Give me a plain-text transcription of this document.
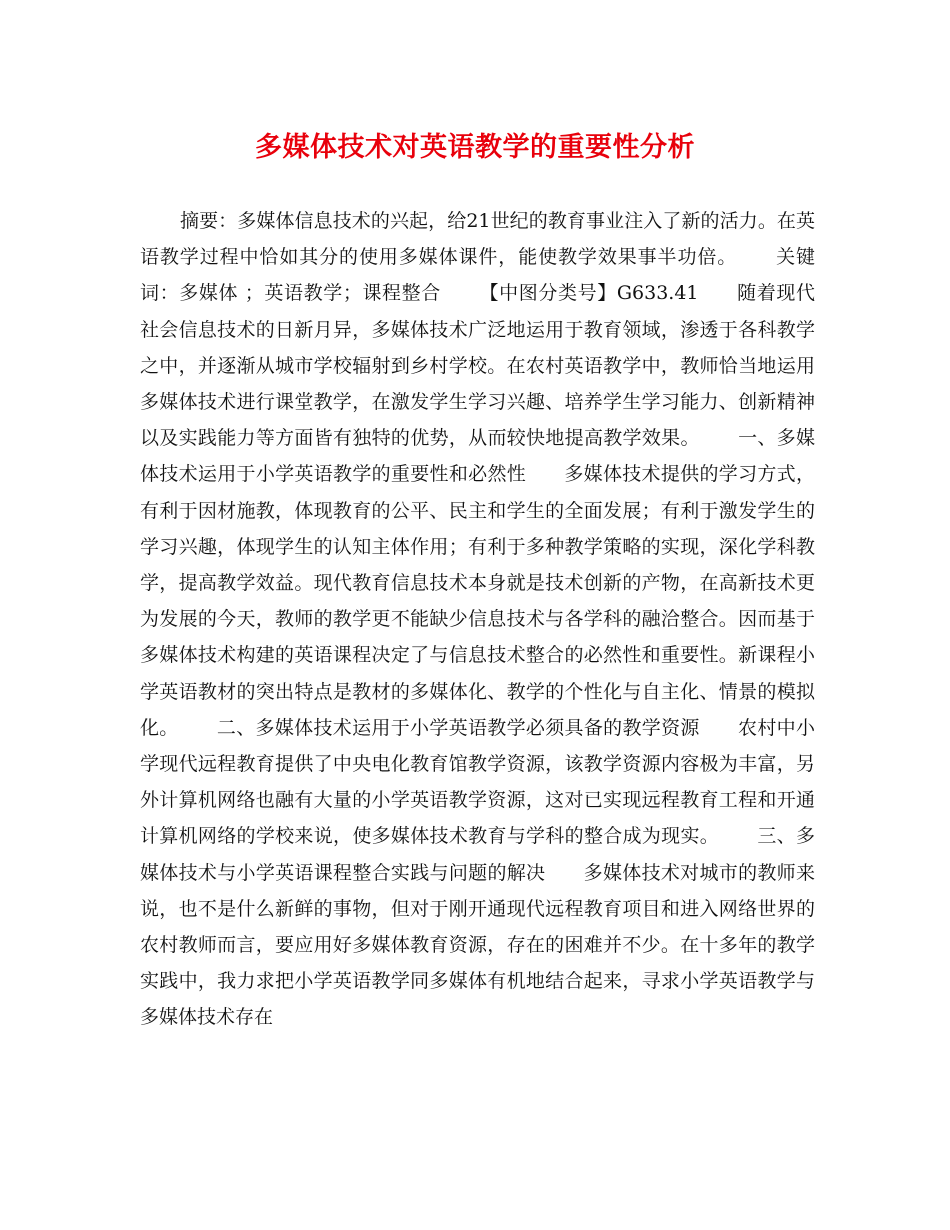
多媒体技术对英语教学的重要性分析

摘要：多媒体信息技术的兴起，给21世纪的教育事业注入了新的活力。在英语教学过程中恰如其分的使用多媒体课件，能使教学效果事半功倍。 关键词：多媒体 ；英语教学；课程整合 【中图分类号】G633.41 随着现代社会信息技术的日新月异，多媒体技术广泛地运用于教育领域，渗透于各科教学之中，并逐渐从城市学校辐射到乡村学校。在农村英语教学中，教师恰当地运用多媒体技术进行课堂教学，在激发学生学习兴趣、培养学生学习能力、创新精神以及实践能力等方面皆有独特的优势，从而较快地提高教学效果。 一、多媒体技术运用于小学英语教学的重要性和必然性 多媒体技术提供的学习方式，有利于因材施教，体现教育的公平、民主和学生的全面发展；有利于激发学生的学习兴趣，体现学生的认知主体作用；有利于多种教学策略的实现，深化学科教学，提高教学效益。现代教育信息技术本身就是技术创新的产物，在高新技术更为发展的今天，教师的教学更不能缺少信息技术与各学科的融洽整合。因而基于多媒体技术构建的英语课程决定了与信息技术整合的必然性和重要性。新课程小学英语教材的突出特点是教材的多媒体化、教学的个性化与自主化、情景的模拟化。 二、多媒体技术运用于小学英语教学必须具备的教学资源 农村中小学现代远程教育提供了中央电化教育馆教学资源，该教学资源内容极为丰富，另外计算机网络也融有大量的小学英语教学资源，这对已实现远程教育工程和开通计算机网络的学校来说，使多媒体技术教育与学科的整合成为现实。 三、多媒体技术与小学英语课程整合实践与问题的解决 多媒体技术对城市的教师来说，也不是什么新鲜的事物，但对于刚开通现代远程教育项目和进入网络世界的农村教师而言，要应用好多媒体教育资源，存在的困难并不少。在十多年的教学实践中，我力求把小学英语教学同多媒体有机地结合起来，寻求小学英语教学与多媒体技术存在
